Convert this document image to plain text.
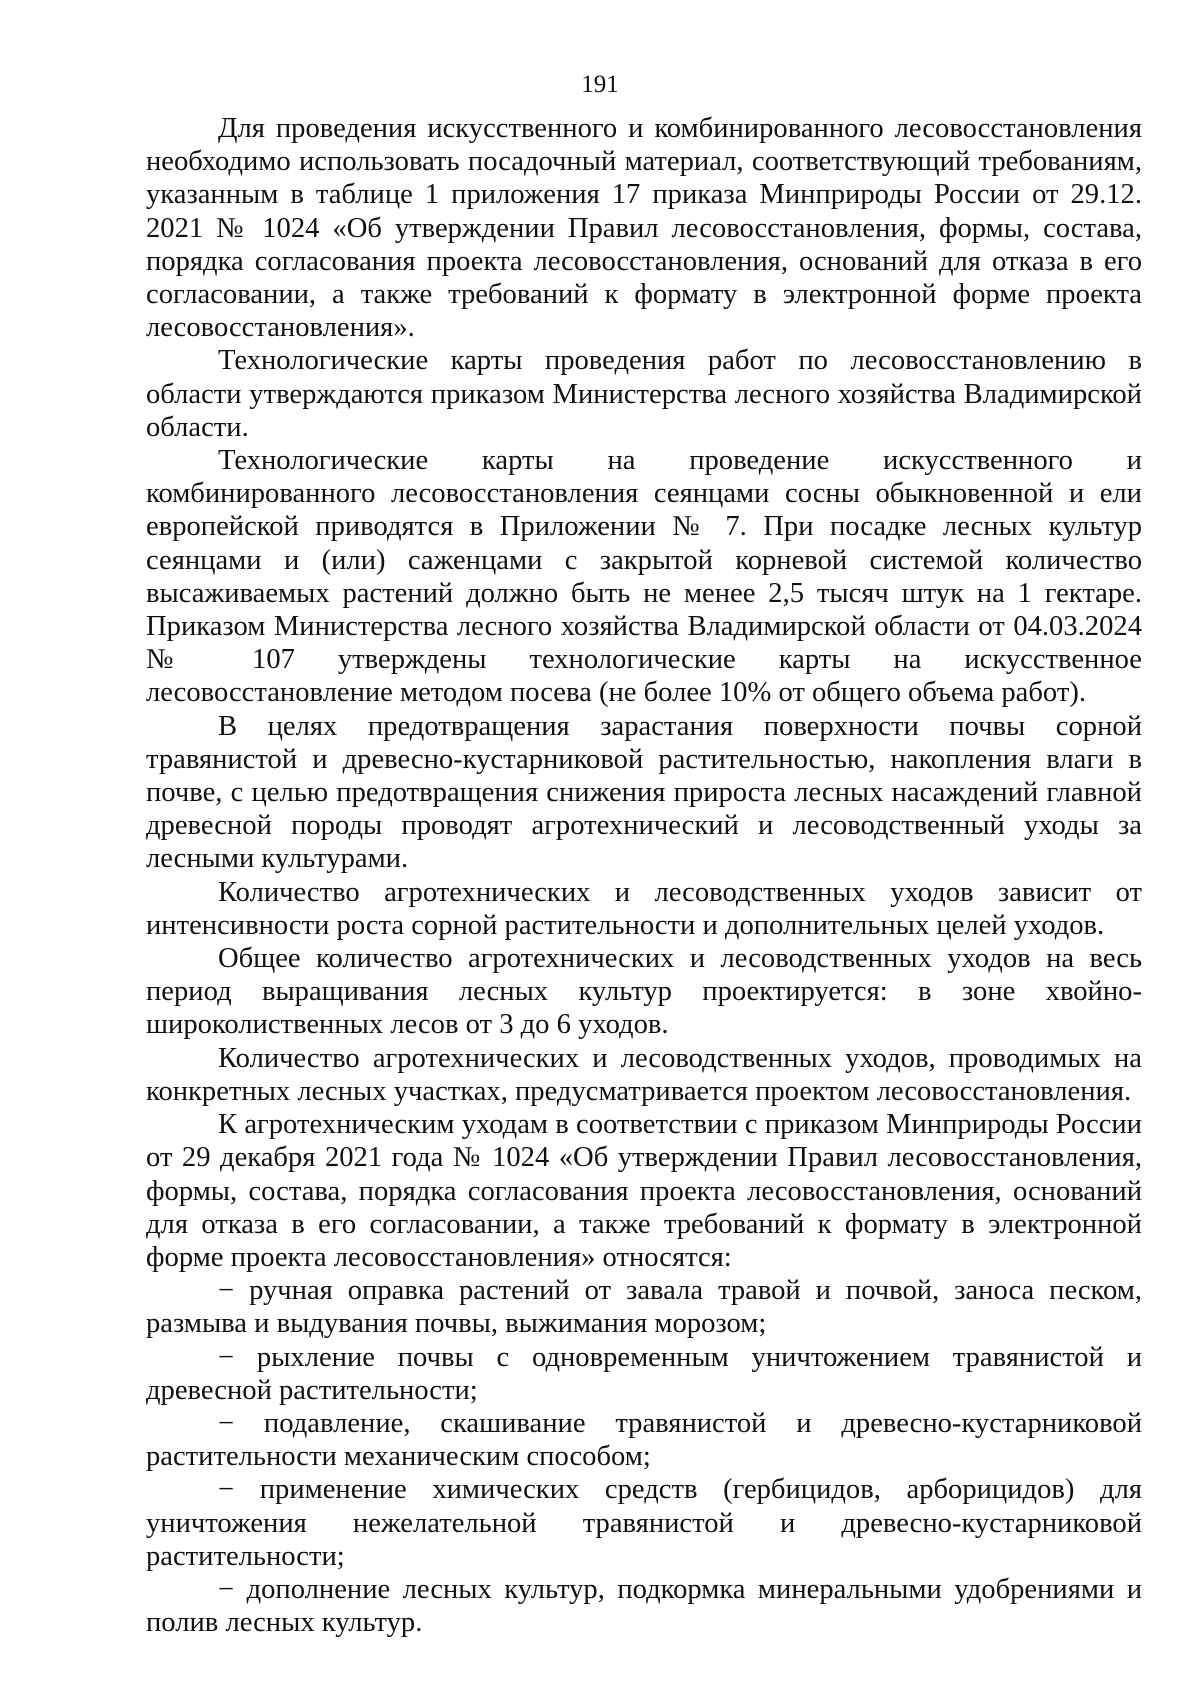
191

Для проведения искусственного и комбинированного лесовосстановления необходимо использовать посадочный материал, соответствующий требованиям, указанным в таблице 1 приложения 17 приказа Минприроды России от 29.12. 2021 № 1024 «Об утверждении Правил лесовосстановления, формы, состава, порядка согласования проекта лесовосстановления, оснований для отказа в его согласовании, а также требований к формату в электронной форме проекта лесовосстановления».

Технологические карты проведения работ по лесовосстановлению в области утверждаются приказом Министерства лесного хозяйства Владимирской области.

Технологические карты на проведение искусственного и комбинированного лесовосстановления сеянцами сосны обыкновенной и ели европейской приводятся в Приложении № 7. При посадке лесных культур сеянцами и (или) саженцами с закрытой корневой системой количество высаживаемых растений должно быть не менее 2,5 тысяч штук на 1 гектаре. Приказом Министерства лесного хозяйства Владимирской области от 04.03.2024 № 107 утверждены технологические карты на искусственное лесовосстановление методом посева (не более 10% от общего объема работ).

В целях предотвращения зарастания поверхности почвы сорной травянистой и древесно-кустарниковой растительностью, накопления влаги в почве, с целью предотвращения снижения прироста лесных насаждений главной древесной породы проводят агротехнический и лесоводственный уходы за лесными культурами.

Количество агротехнических и лесоводственных уходов зависит от интенсивности роста сорной растительности и дополнительных целей уходов.

Общее количество агротехнических и лесоводственных уходов на весь период выращивания лесных культур проектируется: в зоне хвойно-широколиственных лесов от 3 до 6 уходов.

Количество агротехнических и лесоводственных уходов, проводимых на конкретных лесных участках, предусматривается проектом лесовосстановления.

К агротехническим уходам в соответствии с приказом Минприроды России от 29 декабря 2021 года № 1024 «Об утверждении Правил лесовосстановления, формы, состава, порядка согласования проекта лесовосстановления, оснований для отказа в его согласовании, а также требований к формату в электронной форме проекта лесовосстановления» относятся:

− ручная оправка растений от завала травой и почвой, заноса песком, размыва и выдувания почвы, выжимания морозом;

− рыхление почвы с одновременным уничтожением травянистой и древесной растительности;

− подавление, скашивание травянистой и древесно-кустарниковой растительности механическим способом;

− применение химических средств (гербицидов, арборицидов) для уничтожения нежелательной травянистой и древесно-кустарниковой растительности;

− дополнение лесных культур, подкормка минеральными удобрениями и полив лесных культур.
